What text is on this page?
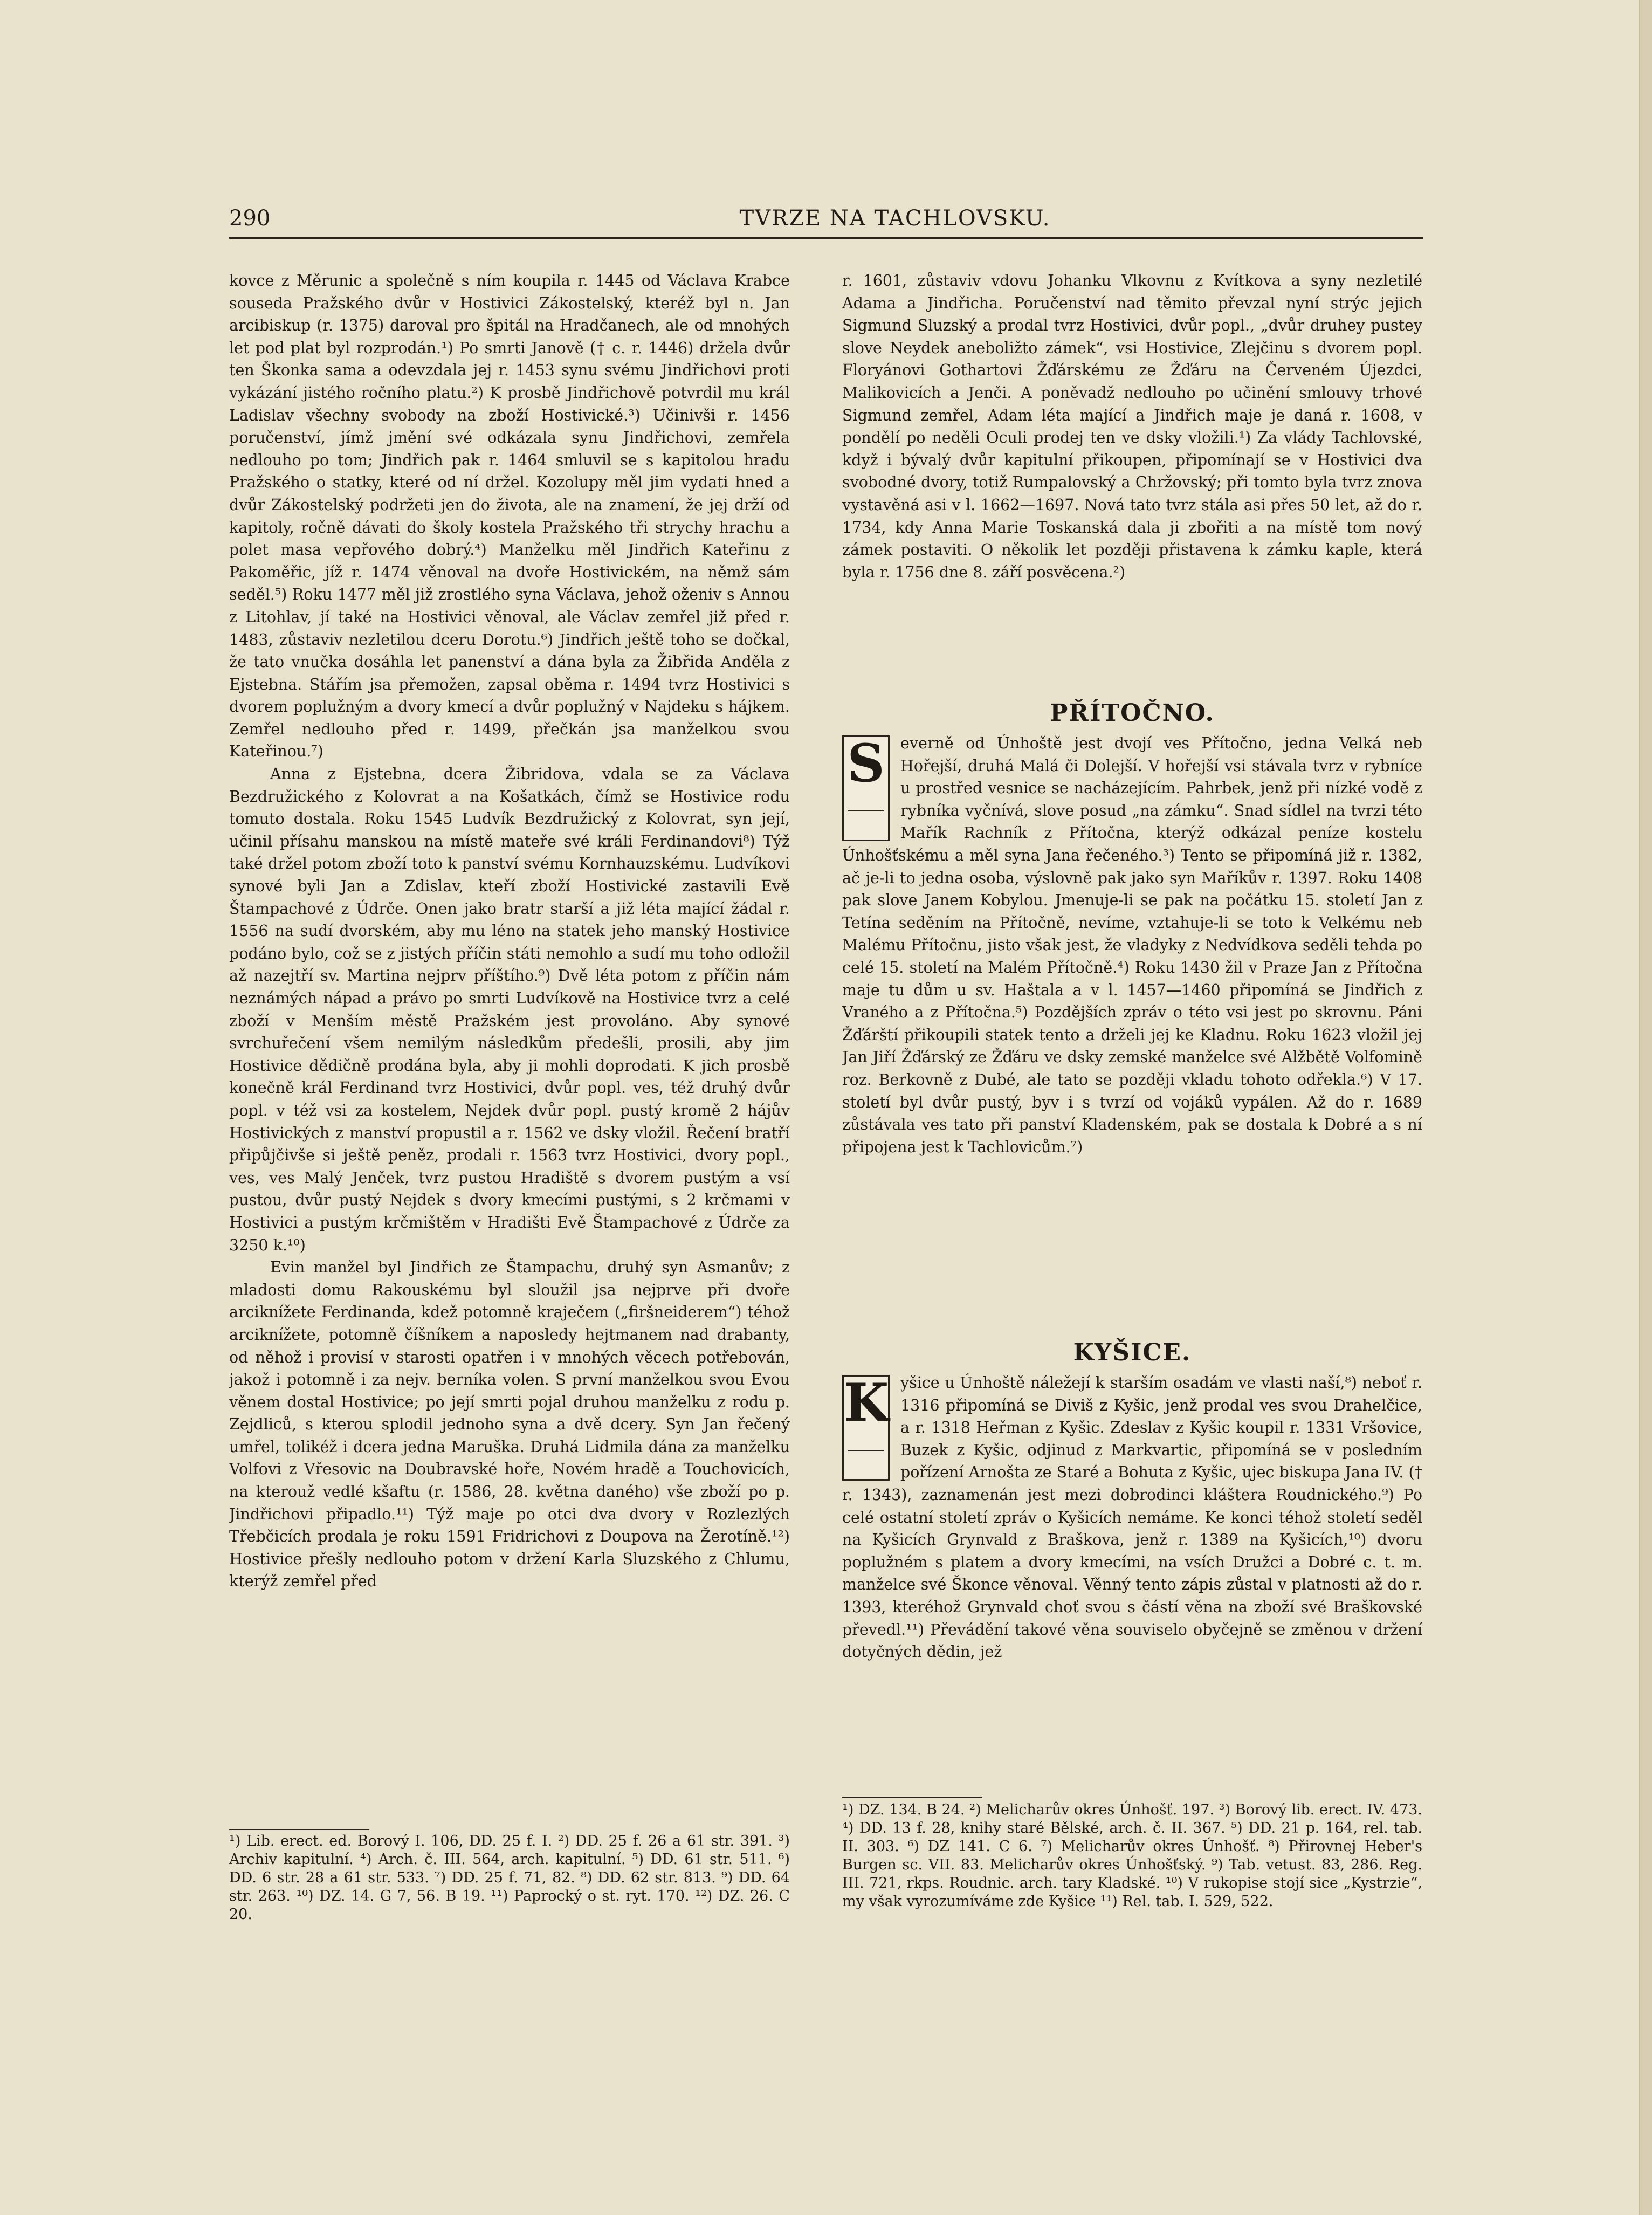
290	TVRZE NA TACHLOVSKU.

kovce z Měrunic a společně s ním koupila r. 1445 od Václava Krabce souseda Pražského dvůr v Hostivici Zákostelský, kteréž byl n. Jan arcibiskup (r. 1375) daroval pro špitál na Hradčanech, ale od mnohých let pod plat byl rozprodán.¹) Po smrti Janově († c. r. 1446) držela dvůr ten Škonka sama a odevzdala jej r. 1453 synu svému Jindřichovi proti vykázání jistého ročního platu.²) K prosbě Jindřichově potvrdil mu král Ladislav všechny svobody na zboží Hostivické.³) Učinivši r. 1456 poručenství, jímž jmění své odkázala synu Jindřichovi, zemřela nedlouho po tom; Jindřich pak r. 1464 smluvil se s kapitolou hradu Pražského o statky, které od ní držel. Kozolupy měl jim vydati hned a dvůr Zákostelský podržeti jen do života, ale na znamení, že jej drží od kapitoly, ročně dávati do školy kostela Pražského tři strychy hrachu a polet masa vepřového dobrý.⁴) Manželku měl Jindřich Kateřinu z Pakoměřic, jíž r. 1474 věnoval na dvoře Hostivickém, na němž sám seděl.⁵) Roku 1477 měl již zrostlého syna Václava, jehož oženiv s Annou z Litohlav, jí také na Hostivici věnoval, ale Václav zemřel již před r. 1483, zůstaviv nezletilou dceru Dorotu.⁶) Jindřich ještě toho se dočkal, že tato vnučka dosáhla let panenství a dána byla za Žibřida Anděla z Ejstebna. Stářím jsa přemožen, zapsal oběma r. 1494 tvrz Hostivici s dvorem poplužným a dvory kmecí a dvůr poplužný v Najdeku s hájkem. Zemřel nedlouho před r. 1499, přečkán jsa manželkou svou Kateřinou.⁷)

Anna z Ejstebna, dcera Žibridova, vdala se za Václava Bezdružického z Kolovrat a na Košatkách, čímž se Hostivice rodu tomuto dostala. Roku 1545 Ludvík Bezdružický z Kolovrat, syn její, učinil přísahu manskou na místě mateře své králi Ferdinandovi⁸) Týž také držel potom zboží toto k panství svému Kornhauzskému. Ludvíkovi synové byli Jan a Zdislav, kteří zboží Hostivické zastavili Evě Štampachové z Údrče. Onen jako bratr starší a již léta mající žádal r. 1556 na sudí dvorském, aby mu léno na statek jeho manský Hostivice podáno bylo, což se z jistých příčin státi nemohlo a sudí mu toho odložil až nazejtří sv. Martina nejprv příštího.⁹) Dvě léta potom z příčin nám neznámých nápad a právo po smrti Ludvíkově na Hostivice tvrz a celé zboží v Menším městě Pražském jest provoláno. Aby synové svrchuřečení všem nemilým následkům předešli, prosili, aby jim Hostivice dědičně prodána byla, aby ji mohli doprodati. K jich prosbě konečně král Ferdinand tvrz Hostivici, dvůr popl. ves, též druhý dvůr popl. v též vsi za kostelem, Nejdek dvůr popl. pustý kromě 2 hájův Hostivických z manství propustil a r. 1562 ve dsky vložil. Řečení bratří připůjčivše si ještě peněz, prodali r. 1563 tvrz Hostivici, dvory popl., ves, ves Malý Jenček, tvrz pustou Hradiště s dvorem pustým a vsí pustou, dvůr pustý Nejdek s dvory kmecími pustými, s 2 krčmami v Hostivici a pustým krčmištěm v Hradišti Evě Štampachové z Údrče za 3250 k.¹⁰)

Evin manžel byl Jindřich ze Štampachu, druhý syn Asmanův; z mladosti domu Rakouskému byl sloužil jsa nejprve při dvoře arciknížete Ferdinanda, kdež potomně kraječem („firšneiderem“) téhož arciknížete, potomně číšníkem a naposledy hejtmanem nad drabanty, od něhož i provisí v starosti opatřen i v mnohých věcech potřebován, jakož i potomně i za nejv. berníka volen. S první manželkou svou Evou věnem dostal Hostivice; po její smrti pojal druhou manželku z rodu p. Zejdliců, s kterou splodil jednoho syna a dvě dcery. Syn Jan řečený umřel, tolikéž i dcera jedna Maruška. Druhá Lidmila dána za manželku Volfovi z Vřesovic na Doubravské hoře, Novém hradě a Touchovicích, na kterouž vedlé kšaftu (r. 1586, 28. května daného) vše zboží po p. Jindřichovi připadlo.¹¹) Týž maje po otci dva dvory v Rozlezlých Třebčicích prodala je roku 1591 Fridrichovi z Doupova na Žerotíně.¹²) Hostivice přešly nedlouho potom v držení Karla Sluzského z Chlumu, kterýž zemřel před

r. 1601, zůstaviv vdovu Johanku Vlkovnu z Kvítkova a syny nezletilé Adama a Jindřicha. Poručenství nad těmito převzal nyní strýc jejich Sigmund Sluzský a prodal tvrz Hostivici, dvůr popl., „dvůr druhey pustey slove Neydek aneboližto zámek“, vsi Hostivice, Zlejčinu s dvorem popl. Floryánovi Gothartovi Žďárskému ze Žďáru na Červeném Újezdci, Malikovicích a Jenči. A poněvadž nedlouho po učinění smlouvy trhové Sigmund zemřel, Adam léta mající a Jindřich maje je daná r. 1608, v pondělí po neděli Oculi prodej ten ve dsky vložili.¹) Za vlády Tachlovské, když i bývalý dvůr kapitulní přikoupen, připomínají se v Hostivici dva svobodné dvory, totiž Rumpalovský a Chržovský; při tomto byla tvrz znova vystavěná asi v l. 1662—1697. Nová tato tvrz stála asi přes 50 let, až do r. 1734, kdy Anna Marie Toskanská dala ji zbořiti a na místě tom nový zámek postaviti. O několik let později přistavena k zámku kaple, která byla r. 1756 dne 8. září posvěcena.²)

PŘÍTOČNO.
S	everně od Únhoště jest dvojí ves Přítočno, jedna Velká neb Hořejší, druhá Malá či Dolejší. V hořejší vsi stávala tvrz v rybníce u prostřed vesnice se nacházejícím. Pahrbek, jenž při nízké vodě z rybníka vyčnívá, slove posud „na zámku“. Snad sídlel na tvrzi této Mařík Rachník z Přítočna, kterýž odkázal peníze kostelu Únhošťskému a měl syna Jana řečeného.³) Tento se připomíná již r. 1382, ač je-li to jedna osoba, výslovně pak jako syn Maříkův r. 1397. Roku 1408 pak slove Janem Kobylou. Jmenuje-li se pak na počátku 15. století Jan z Tetína seděním na Přítočně, nevíme, vztahuje-li se toto k Velkému neb Malému Přítočnu, jisto však jest, že vladyky z Nedvídkova seděli tehda po celé 15. století na Malém Přítočně.⁴) Roku 1430 žil v Praze Jan z Přítočna maje tu dům u sv. Haštala a v l. 1457—1460 připomíná se Jindřich z Vraného a z Přítočna.⁵) Pozdějších zpráv o této vsi jest po skrovnu. Páni Žďárští přikoupili statek tento a drželi jej ke Kladnu. Roku 1623 vložil jej Jan Jiří Žďárský ze Žďáru ve dsky zemské manželce své Alžbětě Volfomině roz. Berkovně z Dubé, ale tato se později vkladu tohoto odřekla.⁶) V 17. století byl dvůr pustý, byv i s tvrzí od vojáků vypálen. Až do r. 1689 zůstávala ves tato při panství Kladenském, pak se dostala k Dobré a s ní připojena jest k Tachlovicům.⁷)

KYŠICE.
K yšice u Únhoště náležejí k starším osadám ve vlasti naší,⁸) neboť r. 1316 připomíná se Diviš z Kyšic, jenž prodal ves svou Drahelčice, a r. 1318 Heřman z Kyšic. Zdeslav z Kyšic koupil r. 1331 Vršovice, Buzek z Kyšic, odjinud z Markvartic, připomíná se v posledním pořízení Arnošta ze Staré a Bohuta z Kyšic, ujec biskupa Jana IV. († r. 1343), zaznamenán jest mezi dobrodinci kláštera Roudnického.⁹) Po celé ostatní století zpráv o Kyšicích nemáme. Ke konci téhož století seděl na Kyšicích Grynvald z Braškova, jenž r. 1389 na Kyšicích,¹⁰) dvoru poplužném s platem a dvory kmecími, na vsích Družci a Dobré c. t. m. manželce své Škonce věnoval. Věnný tento zápis zůstal v platnosti až do r. 1393, kteréhož Grynvald choť svou s částí věna na zboží své Braškovské převedl.¹¹) Převádění takové věna souviselo obyčejně se změnou v držení dotyčných dědin, jež

¹) Lib. erect. ed. Borový I. 106, DD. 25 f. I. ²) DD. 25 f. 26 a 61 str. 391. ³) Archiv kapitulní. ⁴) Arch. č. III. 564, arch. kapitulní. ⁵) DD. 61 str. 511. ⁶) DD. 6 str. 28 a 61 str. 533. ⁷) DD. 25 f. 71, 82. ⁸) DD. 62 str. 813. ⁹) DD. 64 str. 263. ¹⁰) DZ. 14. G 7, 56. B 19. ¹¹) Paprocký o st. ryt. 170. ¹²) DZ. 26. C 20.
¹) DZ. 134. B 24. ²) Melicharův okres Únhošť. 197. ³) Borový lib. erect. IV. 473. ⁴) DD. 13 f. 28, knihy staré Bělské, arch. č. II. 367. ⁵) DD. 21 p. 164, rel. tab. II. 303. ⁶) DZ 141. C 6. ⁷) Melicharův okres Únhošť. ⁸) Přirovnej Heber's Burgen sc. VII. 83. Melicharův okres Únhošťský. ⁹) Tab. vetust. 83, 286. Reg. III. 721, rkps. Roudnic. arch. tary Kladské. ¹⁰) V rukopise stojí sice „Kystrzie“, my však vyrozumíváme zde Kyšice ¹¹) Rel. tab. I. 529, 522.
